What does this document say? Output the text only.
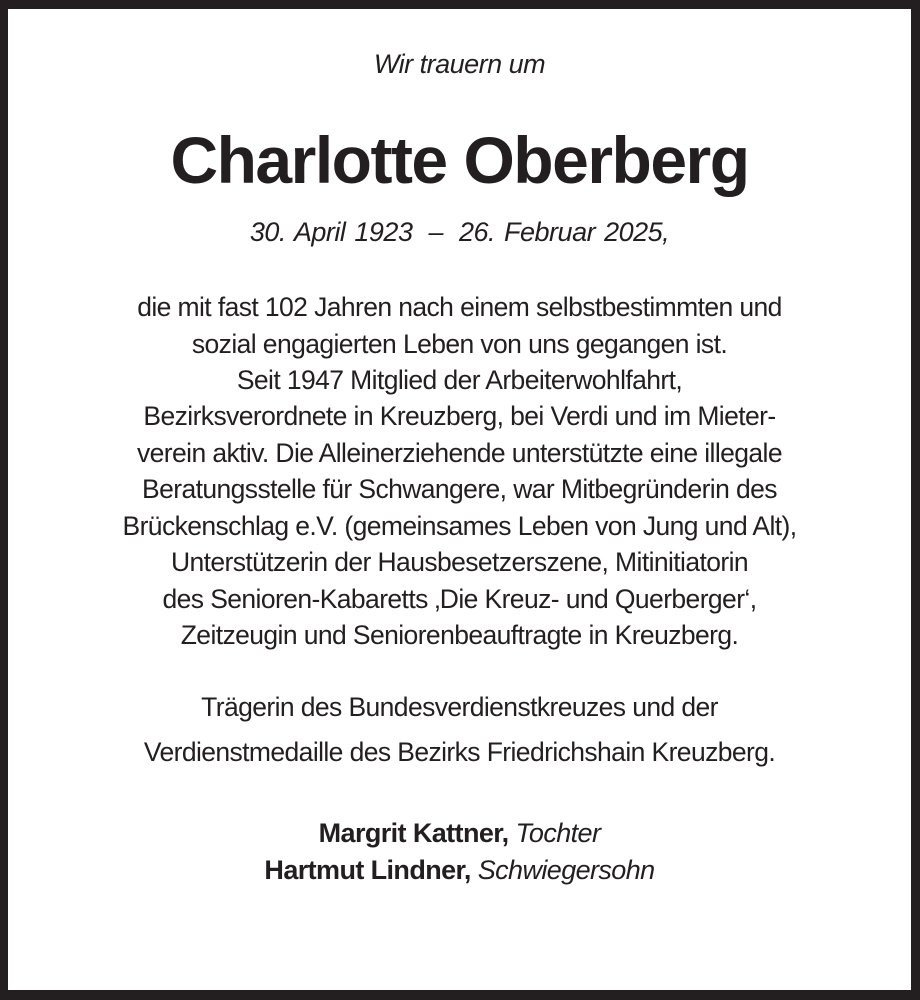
Wir trauern um
Charlotte Oberberg
30. April 1923 – 26. Februar 2025,
die mit fast 102 Jahren nach einem selbstbestimmten und
sozial engagierten Leben von uns gegangen ist.
Seit 1947 Mitglied der Arbeiterwohlfahrt,
Bezirksverordnete in Kreuzberg, bei Verdi und im Mieter-
verein aktiv. Die Alleinerziehende unterstützte eine illegale
Beratungsstelle für Schwangere, war Mitbegründerin des
Brückenschlag e.V. (gemeinsames Leben von Jung und Alt),
Unterstützerin der Hausbesetzerszene, Mitinitiatorin
des Senioren-Kabaretts ‚Die Kreuz- und Querberger‘,
Zeitzeugin und Seniorenbeauftragte in Kreuzberg.
Trägerin des Bundesverdienstkreuzes und der
Verdienstmedaille des Bezirks Friedrichshain Kreuzberg.
Margrit Kattner, Tochter
Hartmut Lindner, Schwiegersohn
